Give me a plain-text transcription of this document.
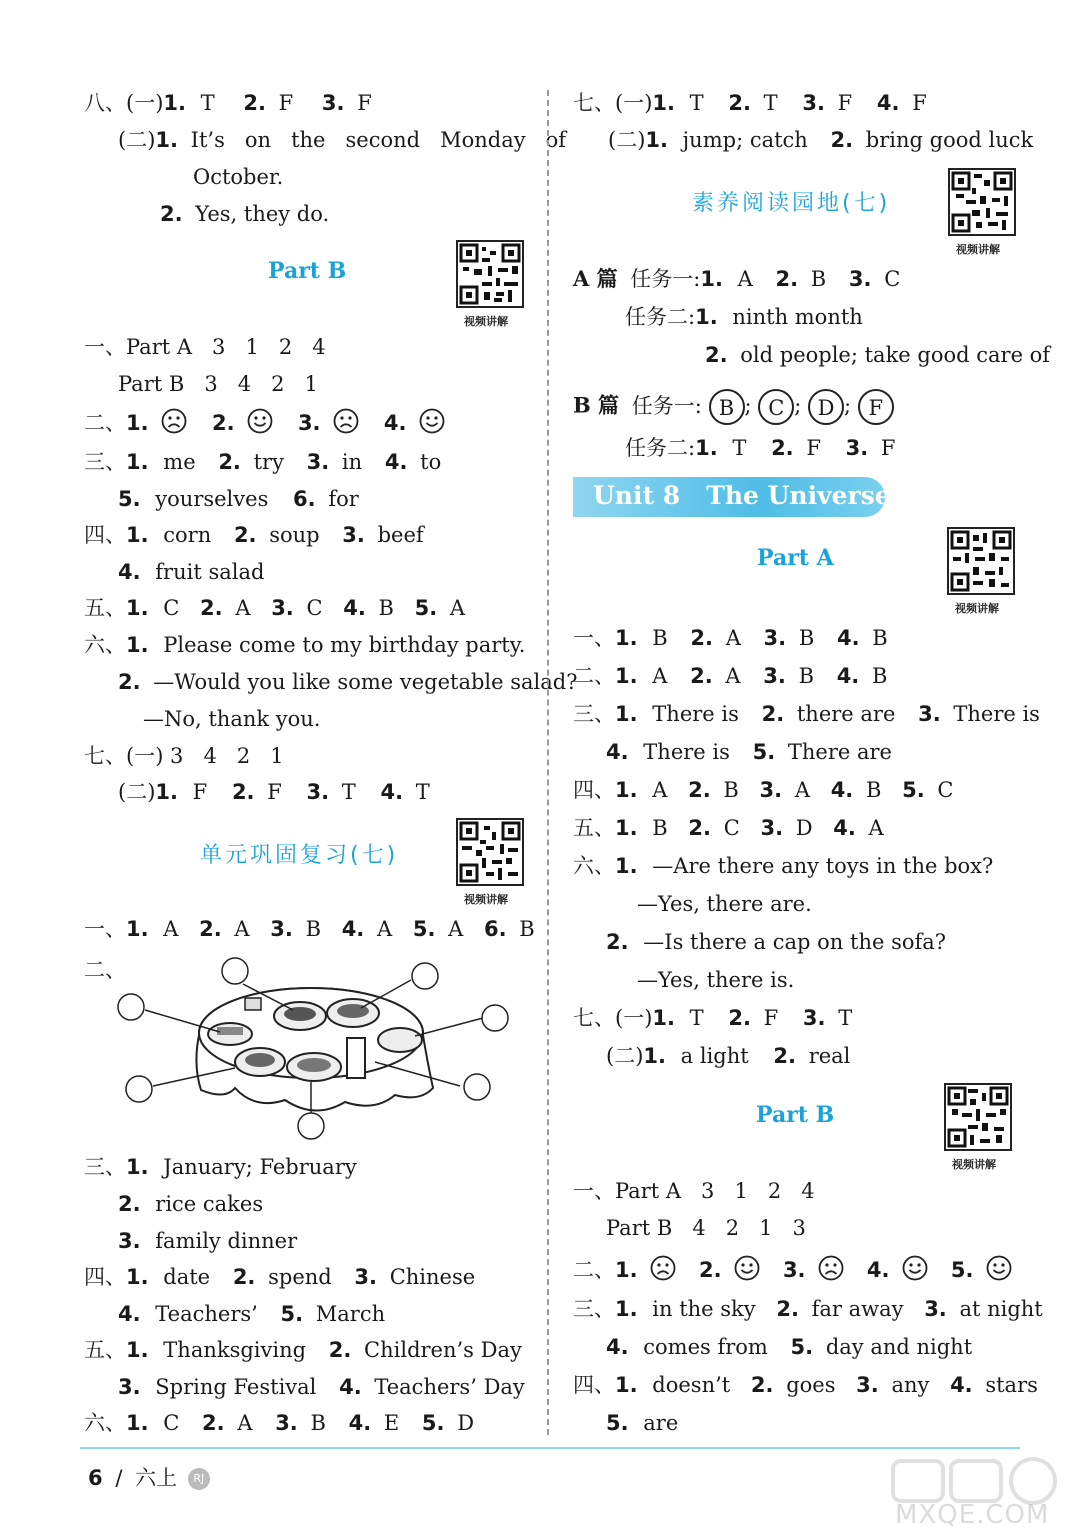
八、(一)1. T 2. F 3. F
(二)1. It’s   on   the   second   Monday   of
October.
2. Yes, they do.
Part B
视频讲解
一、Part A   3   1   2   4
Part B   3   4   2   1
二、1.	2.	3.	4.
三、1. me 2. try 3. in 4. to
5. yourselves 6. for
四、1. corn 2. soup 3. beef
4. fruit salad
五、1. C 2. A 3. C 4. B 5. A
六、1. Please come to my birthday party.
2. —Would you like some vegetable salad?
—No, thank you.
七、(一) 3   4   2   1
(二)1. F 2. F 3. T 4. T
单元巩固复习(七)
视频讲解
一、1. A 2. A 3. B 4. A 5. A 6. B
二、
三、1. January; February
2. rice cakes
3. family dinner
四、1. date 2. spend 3. Chinese
4. Teachers’ 5. March
五、1. Thanksgiving 2. Children’s Day
3. Spring Festival 4. Teachers’ Day
六、1. C 2. A 3. B 4. E 5. D
七、(一)1. T 2. T 3. F 4. F
(二)1. jump; catch 2. bring good luck
素养阅读园地(七)
视频讲解
A 篇 任务一:1. A 2. B 3. C
任务二:1. ninth month
2. old people; take good care of
B 篇 任务一: B ; C ; D ; F
任务二:1. T 2. F 3. F
Unit 8   The Universe
Part A
视频讲解
一、1. B 2. A 3. B 4. B
二、1. A 2. A 3. B 4. B
三、1. There is 2. there are 3. There is
4. There is 5. There are
四、1. A 2. B 3. A 4. B 5. C
五、1. B 2. C 3. D 4. A
六、1. —Are there any toys in the box?
—Yes, there are.
2. —Is there a cap on the sofa?
—Yes, there is.
七、(一)1. T 2. F 3. T
(二)1. a light 2. real
Part B
视频讲解
一、Part A   3   1   2   4
Part B   4   2   1   3
二、1.	2.	3.	4.	5.
三、1. in the sky 2. far away 3. at night
4. comes from 5. day and night
四、1. doesn’t 2. goes 3. any 4. stars
5. are
6 / 六上 RJ
MXQE.COM
